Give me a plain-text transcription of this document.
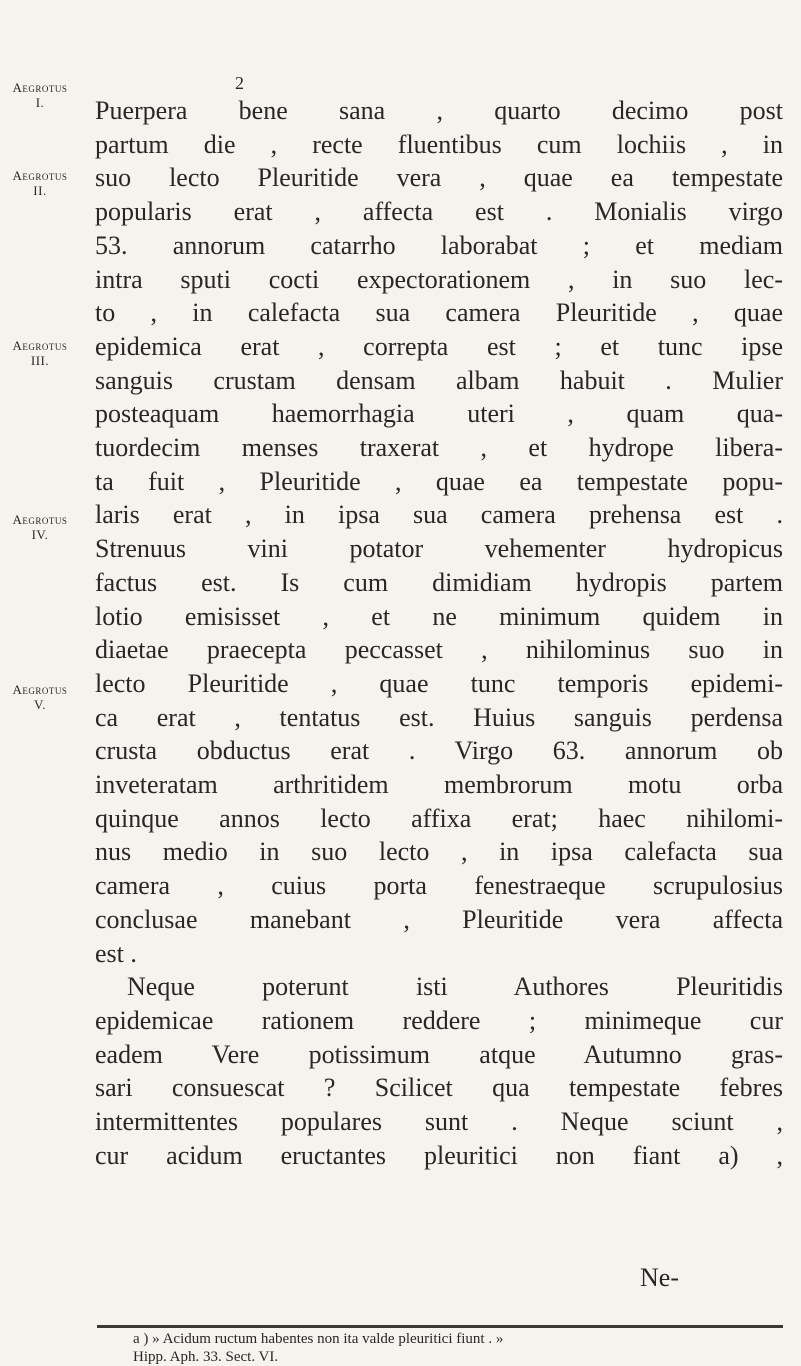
2
Aegrotus
I.
Aegrotus
II.
Aegrotus
III.
Aegrotus
IV.
Aegrotus
V.

Puerpera bene sana , quarto decimo post
partum die , recte fluentibus cum lochiis , in
suo lecto Pleuritide vera , quae ea tempestate
popularis erat , affecta est . Monialis virgo
53. annorum catarrho laborabat ; et mediam
intra sputi cocti expectorationem , in suo lec-
to , in calefacta sua camera Pleuritide , quae
epidemica erat , correpta est ; et tunc ipse
sanguis crustam densam albam habuit . Mulier
posteaquam haemorrhagia uteri , quam qua-
tuordecim menses traxerat , et hydrope libera-
ta fuit , Pleuritide , quae ea tempestate popu-
laris erat , in ipsa sua camera prehensa est .
Strenuus vini potator vehementer hydropicus
factus est. Is cum dimidiam hydropis partem
lotio emisisset , et ne minimum quidem in
diaetae praecepta peccasset , nihilominus suo in
lecto Pleuritide , quae tunc temporis epidemi-
ca erat , tentatus est. Huius sanguis perdensa
crusta obductus erat . Virgo 63. annorum ob
inveteratam arthritidem membrorum motu orba
quinque annos lecto affixa erat; haec nihilomi-
nus medio in suo lecto , in ipsa calefacta sua
camera , cuius porta fenestraeque scrupulosius
conclusae manebant , Pleuritide vera affecta
est .

Neque poterunt isti Authores Pleuritidis
epidemicae rationem reddere ; minimeque cur
eadem Vere potissimum atque Autumno gras-
sari consuescat ? Scilicet qua tempestate febres
intermittentes populares sunt . Neque sciunt ,
cur acidum eructantes pleuritici non fiant a) ,

Ne-
a ) » Acidum ructum habentes non ita valde pleuritici fiunt . »
Hipp. Aph. 33. Sect. VI.
